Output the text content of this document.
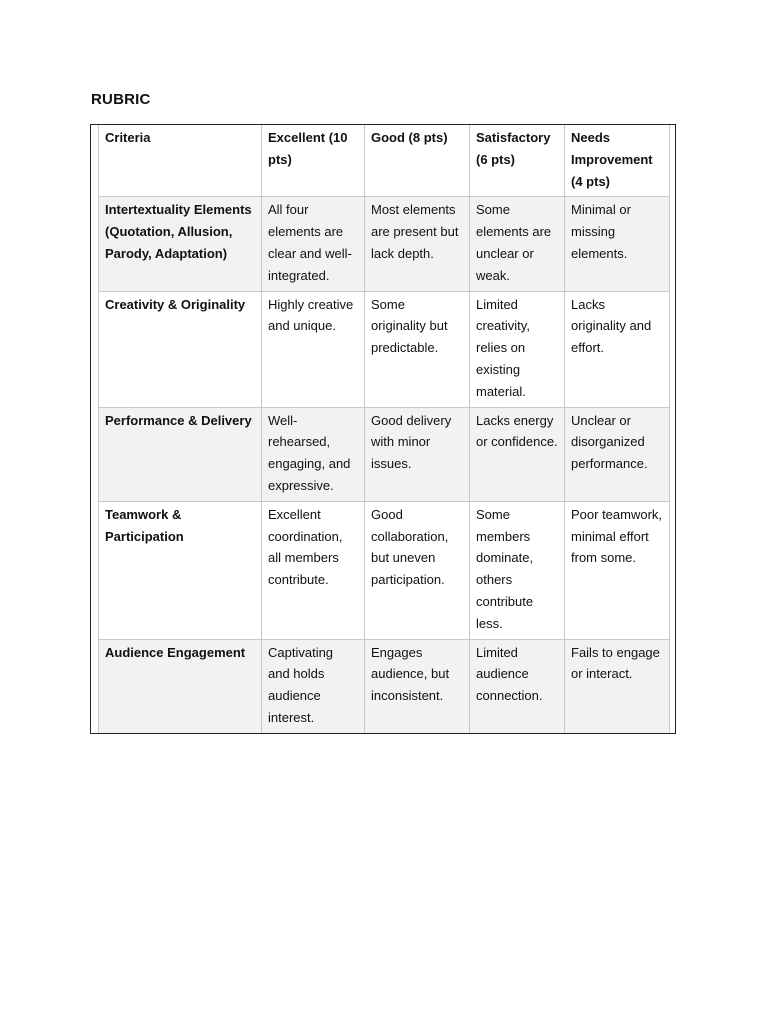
RUBRIC
Criteria	Excellent (10 pts)	Good (8 pts)	Satisfactory (6 pts)	Needs Improvement (4 pts)
Intertextuality Elements (Quotation, Allusion, Parody, Adaptation)	All four elements are clear and well-integrated.	Most elements are present but lack depth.	Some elements are unclear or weak.	Minimal or missing elements.
Creativity & Originality	Highly creative and unique.	Some originality but predictable.	Limited creativity, relies on existing material.	Lacks originality and effort.
Performance & Delivery	Well-rehearsed, engaging, and expressive.	Good delivery with minor issues.	Lacks energy or confidence.	Unclear or disorganized performance.
Teamwork & Participation	Excellent coordination, all members contribute.	Good collaboration, but uneven participation.	Some members dominate, others contribute less.	Poor teamwork, minimal effort from some.
Audience Engagement	Captivating and holds audience interest.	Engages audience, but inconsistent.	Limited audience connection.	Fails to engage or interact.
